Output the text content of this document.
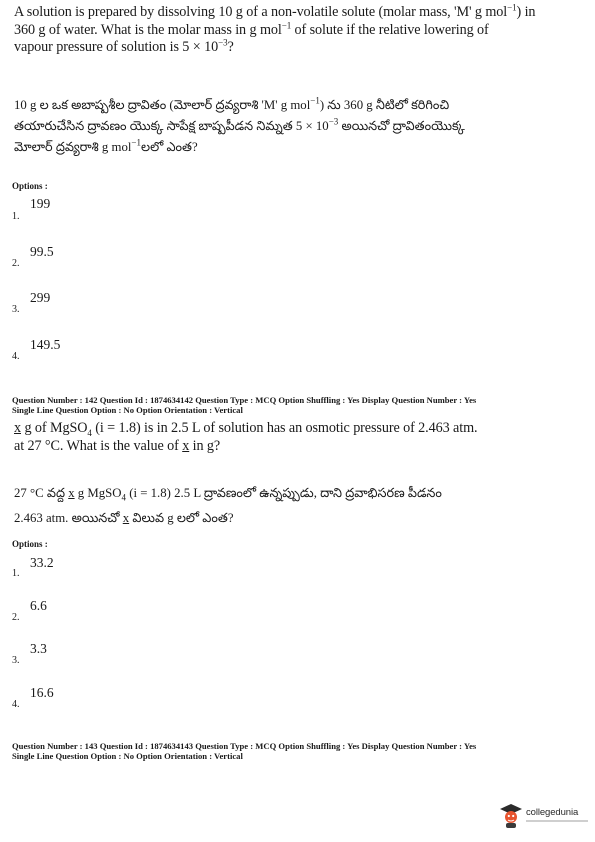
A solution is prepared by dissolving 10 g of a non-volatile solute (molar mass, 'M' g mol$^{-1}$) in
360 g of water. What is the molar mass in g mol$^{-1}$ of solute if the relative lowering of
vapour pressure of solution is $5 \times 10^{-3}$?
10 g ల ఒక అబాష్పశీల ద్రావితం (మోలార్ ద్రవ్యరాశి 'M' g mol$^{-1}$) ను 360 g నీటిలో కరిగించి
తయారుచేసిన ద్రావణం యొక్క సాపేక్ష బాష్పపీడన నిమ్నత $5 \times 10^{-3}$ అయినచో ద్రావితంయొక్క
మోలార్ ద్రవ్యరాశి g mol$^{-1}$లలో ఎంత?
Options :
199
1.
99.5
2.
299
3.
149.5
4.
Question Number : 142 Question Id : 1874634142 Question Type : MCQ Option Shuffling : Yes Display Question Number : Yes
Single Line Question Option : No Option Orientation : Vertical
x g of MgSO$_4$ (i = 1.8) is in 2.5 L of solution has an osmotic pressure of 2.463 atm.
at 27 °C. What is the value of x in g?
27 °C వద్ద x g MgSO$_4$ (i = 1.8) 2.5 L ద్రావణంలో ఉన్నప్పుడు, దాని ద్రవాభిసరణ పీడనం
2.463 atm. అయినచో x విలువ g లలో ఎంత?
Options :
33.2
1.
6.6
2.
3.3
3.
16.6
4.
Question Number : 143 Question Id : 1874634143 Question Type : MCQ Option Shuffling : Yes Display Question Number : Yes
Single Line Question Option : No Option Orientation : Vertical
collegedunia
